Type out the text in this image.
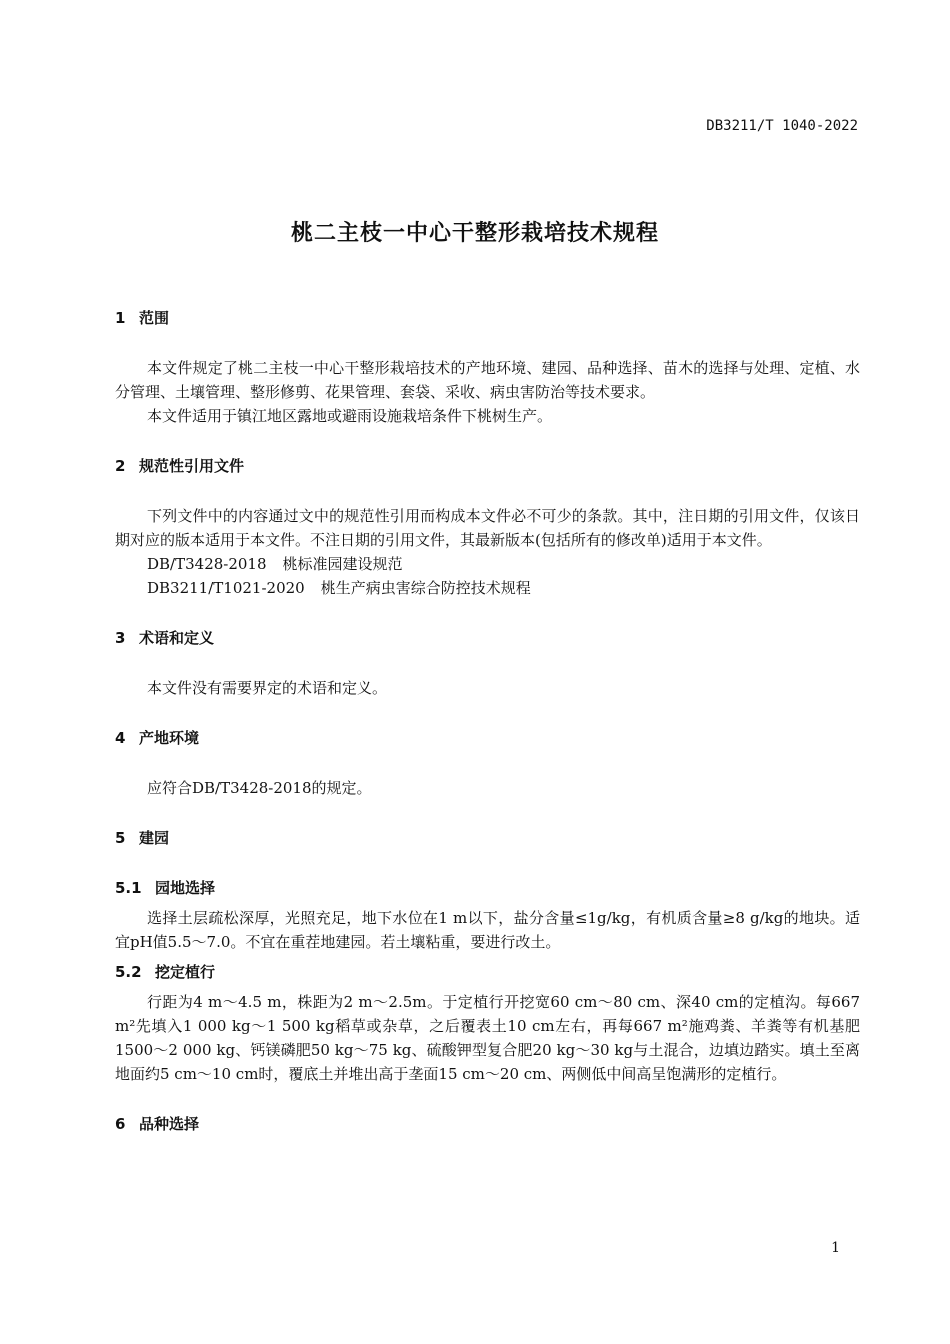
DB3211/T 1040-2022
桃二主枝一中心干整形栽培技术规程
1 范围

本文件规定了桃二主枝一中心干整形栽培技术的产地环境、建园、品种选择、苗木的选择与处理、定植、水分管理、土壤管理、整形修剪、花果管理、套袋、采收、病虫害防治等技术要求。

本文件适用于镇江地区露地或避雨设施栽培条件下桃树生产。

2 规范性引用文件

下列文件中的内容通过文中的规范性引用而构成本文件必不可少的条款。其中，注日期的引用文件，仅该日期对应的版本适用于本文件。不注日期的引用文件，其最新版本(包括所有的修改单)适用于本文件。

DB/T3428-2018 桃标准园建设规范

DB3211/T1021-2020 桃生产病虫害综合防控技术规程

3 术语和定义

本文件没有需要界定的术语和定义。

4 产地环境

应符合DB/T3428-2018的规定。

5 建园
5.1 园地选择

选择土层疏松深厚，光照充足，地下水位在1 m以下，盐分含量≤1g/kg，有机质含量≥8 g/kg的地块。适宜pH值5.5～7.0。不宜在重茬地建园。若土壤粘重，要进行改土。

5.2 挖定植行

行距为4 m～4.5 m，株距为2 m～2.5m。于定植行开挖宽60 cm～80 cm、深40 cm的定植沟。每667 m²先填入1 000 kg～1 500 kg稻草或杂草，之后覆表土10 cm左右，再每667 m²施鸡粪、羊粪等有机基肥1500～2 000 kg、钙镁磷肥50 kg～75 kg、硫酸钾型复合肥20 kg～30 kg与土混合，边填边踏实。填土至离地面约5 cm～10 cm时，覆底土并堆出高于垄面15 cm～20 cm、两侧低中间高呈饱满形的定植行。

6 品种选择
1
